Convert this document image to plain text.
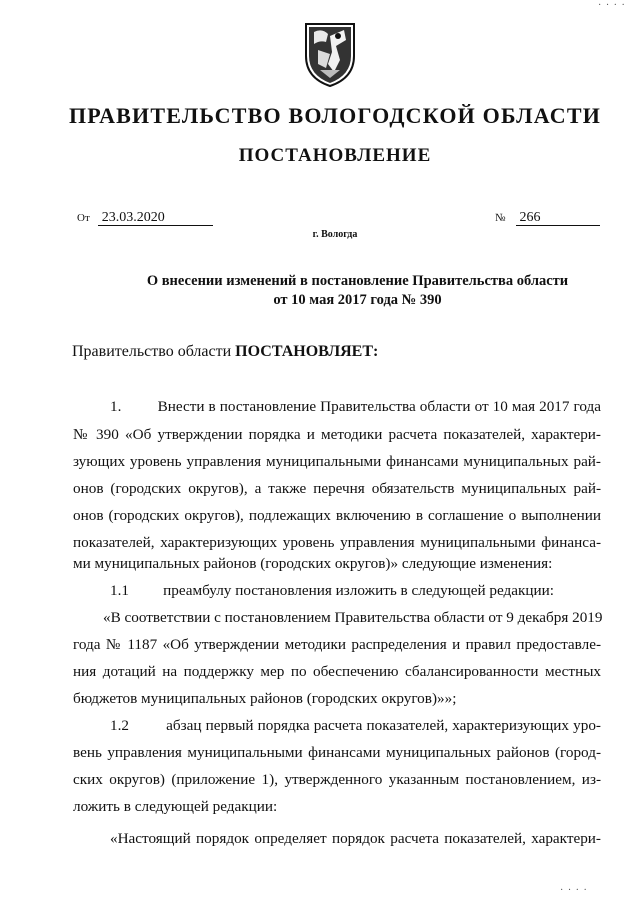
ПРАВИТЕЛЬСТВО ВОЛОГОДСКОЙ ОБЛАСТИ
ПОСТАНОВЛЕНИЕ
От 23.03.2020	№ 266
г. Вологда
О внесении изменений в постановление Правительства области
от 10 мая 2017 года № 390
Правительство области ПОСТАНОВЛЯЕТ:
1.         Внести в постановление Правительства области от 10 мая 2017 года
№ 390 «Об утверждении порядка и методики расчета показателей, характери-
зующих уровень управления муниципальными финансами муниципальных рай-
онов (городских округов), а также перечня обязательств муниципальных рай-
онов (городских округов), подлежащих включению в соглашение о выполнении
показателей, характеризующих уровень управления муниципальными финанса-
ми муниципальных районов (городских округов)» следующие изменения:
1.1         преамбулу постановления изложить в следующей редакции:
«В соответствии с постановлением Правительства области от 9 декабря 2019
года № 1187 «Об утверждении методики распределения и правил предоставле-
ния дотаций на поддержку мер по обеспечению сбалансированности местных
бюджетов муниципальных районов (городских округов)»»;
1.2         абзац первый порядка расчета показателей, характеризующих уро-
вень управления муниципальными финансами муниципальных районов (город-
ских округов) (приложение 1), утвержденного указанным постановлением, из-
ложить в следующей редакции:
«Настоящий порядок определяет порядок расчета показателей, характери-
· · · ·
· · · ·
